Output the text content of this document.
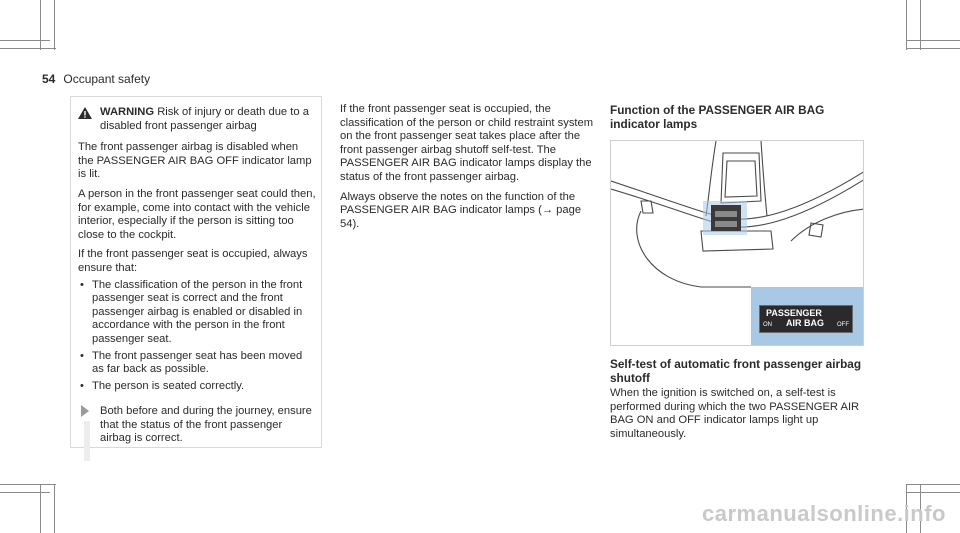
54 Occupant safety
WARNING Risk of injury or death due to a disabled front passenger airbag

The front passenger airbag is disabled when the PASSENGER AIR BAG OFF indicator lamp is lit.

A person in the front passenger seat could then, for example, come into contact with the vehicle interior, especially if the person is sitting too close to the cockpit.

If the front passenger seat is occupied, always ensure that:

• The classification of the person in the front passenger seat is correct and the front passenger airbag is enabled or disabled in accordance with the person in the front passenger seat.
• The front passenger seat has been moved as far back as possible.
• The person is seated correctly.
Both before and during the journey, ensure that the status of the front passenger airbag is correct.

If the front passenger seat is occupied, the classification of the person or child restraint system on the front passenger seat takes place after the front passenger airbag shutoff self-test. The PASSENGER AIR BAG indicator lamps display the status of the front passenger airbag.

Always observe the notes on the function of the PASSENGER AIR BAG indicator lamps (→ page 54).

Function of the PASSENGER AIR BAG indicator lamps
PASSENGER
ON AIR BAG OFF
Self-test of automatic front passenger airbag shutoff

When the ignition is switched on, a self-test is performed during which the two PASSENGER AIR BAG ON and OFF indicator lamps light up simultaneously.

carmanualsonline.info
